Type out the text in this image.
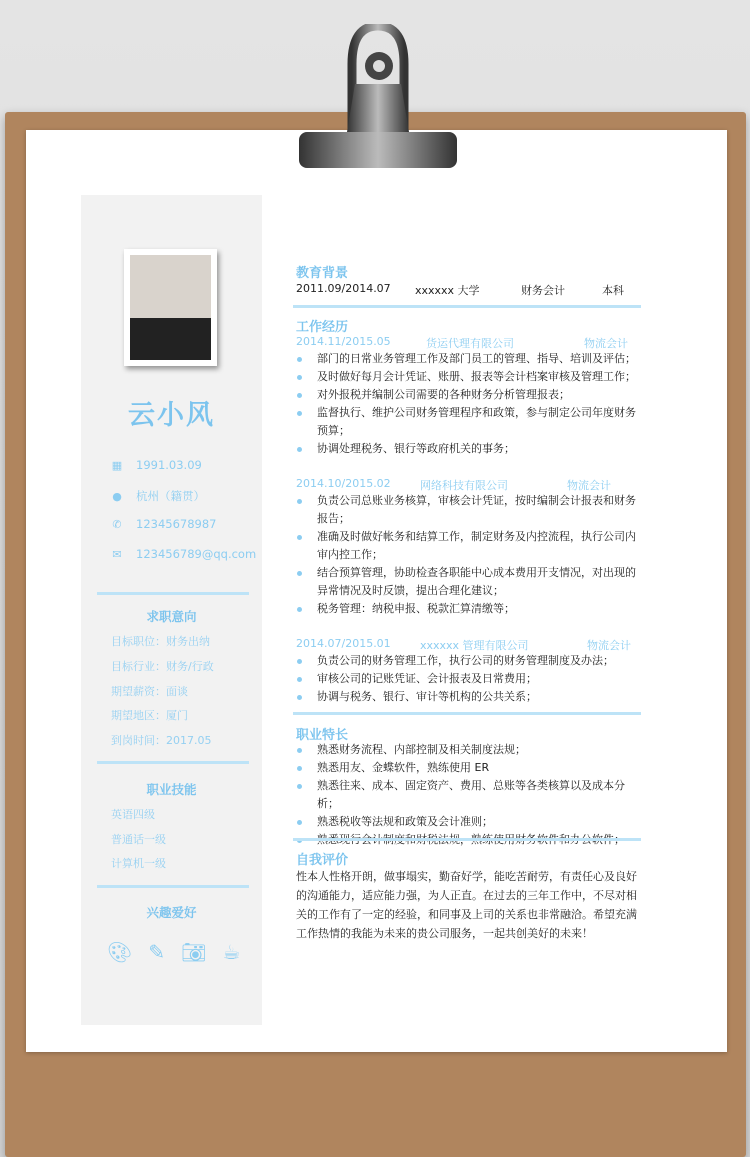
云小风
▦ 1991.03.09
● 杭州（籍贯）
✆ 12345678987
✉ 123456789@qq.com
求职意向
目标职位：财务出纳
目标行业：财务/行政
期望薪资：面谈
期望地区：厦门
到岗时间：2017.05
职业技能
英语四级
普通话一级
计算机一级
兴趣爱好
🎨︎ ✎ 📷︎ ☕︎
教育背景
2011.09/2014.07 xxxxxx 大学	财务会计	本科
工作经历
2014.11/2015.05	货运代理有限公司	物流会计
部门的日常业务管理工作及部门员工的管理、指导、培训及评估；
及时做好每月会计凭证、账册、报表等会计档案审核及管理工作；
对外报税并编制公司需要的各种财务分析管理报表；
监督执行、维护公司财务管理程序和政策，参与制定公司年度财务预算；
协调处理税务、银行等政府机关的事务；
2014.10/2015.02	网络科技有限公司	物流会计
负责公司总账业务核算，审核会计凭证，按时编制会计报表和财务报告；
准确及时做好帐务和结算工作，制定财务及内控流程，执行公司内审内控工作；
结合预算管理，协助检查各职能中心成本费用开支情况，对出现的异常情况及时反馈，提出合理化建议；
税务管理：纳税申报、税款汇算清缴等；
2014.07/2015.01	xxxxxx 管理有限公司	物流会计
负责公司的财务管理工作，执行公司的财务管理制度及办法；
审核公司的记账凭证、会计报表及日常费用；
协调与税务、银行、审计等机构的公共关系；
职业特长
熟悉财务流程、内部控制及相关制度法规；
熟悉用友、金蝶软件，熟练使用 ER
熟悉往来、成本、固定资产、费用、总账等各类核算以及成本分析；
熟悉税收等法规和政策及会计准则；
自我评价
性本人性格开朗，做事塌实，勤奋好学，能吃苦耐劳，有责任心及良好的沟通能力，适应能力强，为人正直。在过去的三年工作中，不尽对相关的工作有了一定的经验，和同事及上司的关系也非常融洽。希望充满工作热情的我能为未来的贵公司服务，一起共创美好的未来！
